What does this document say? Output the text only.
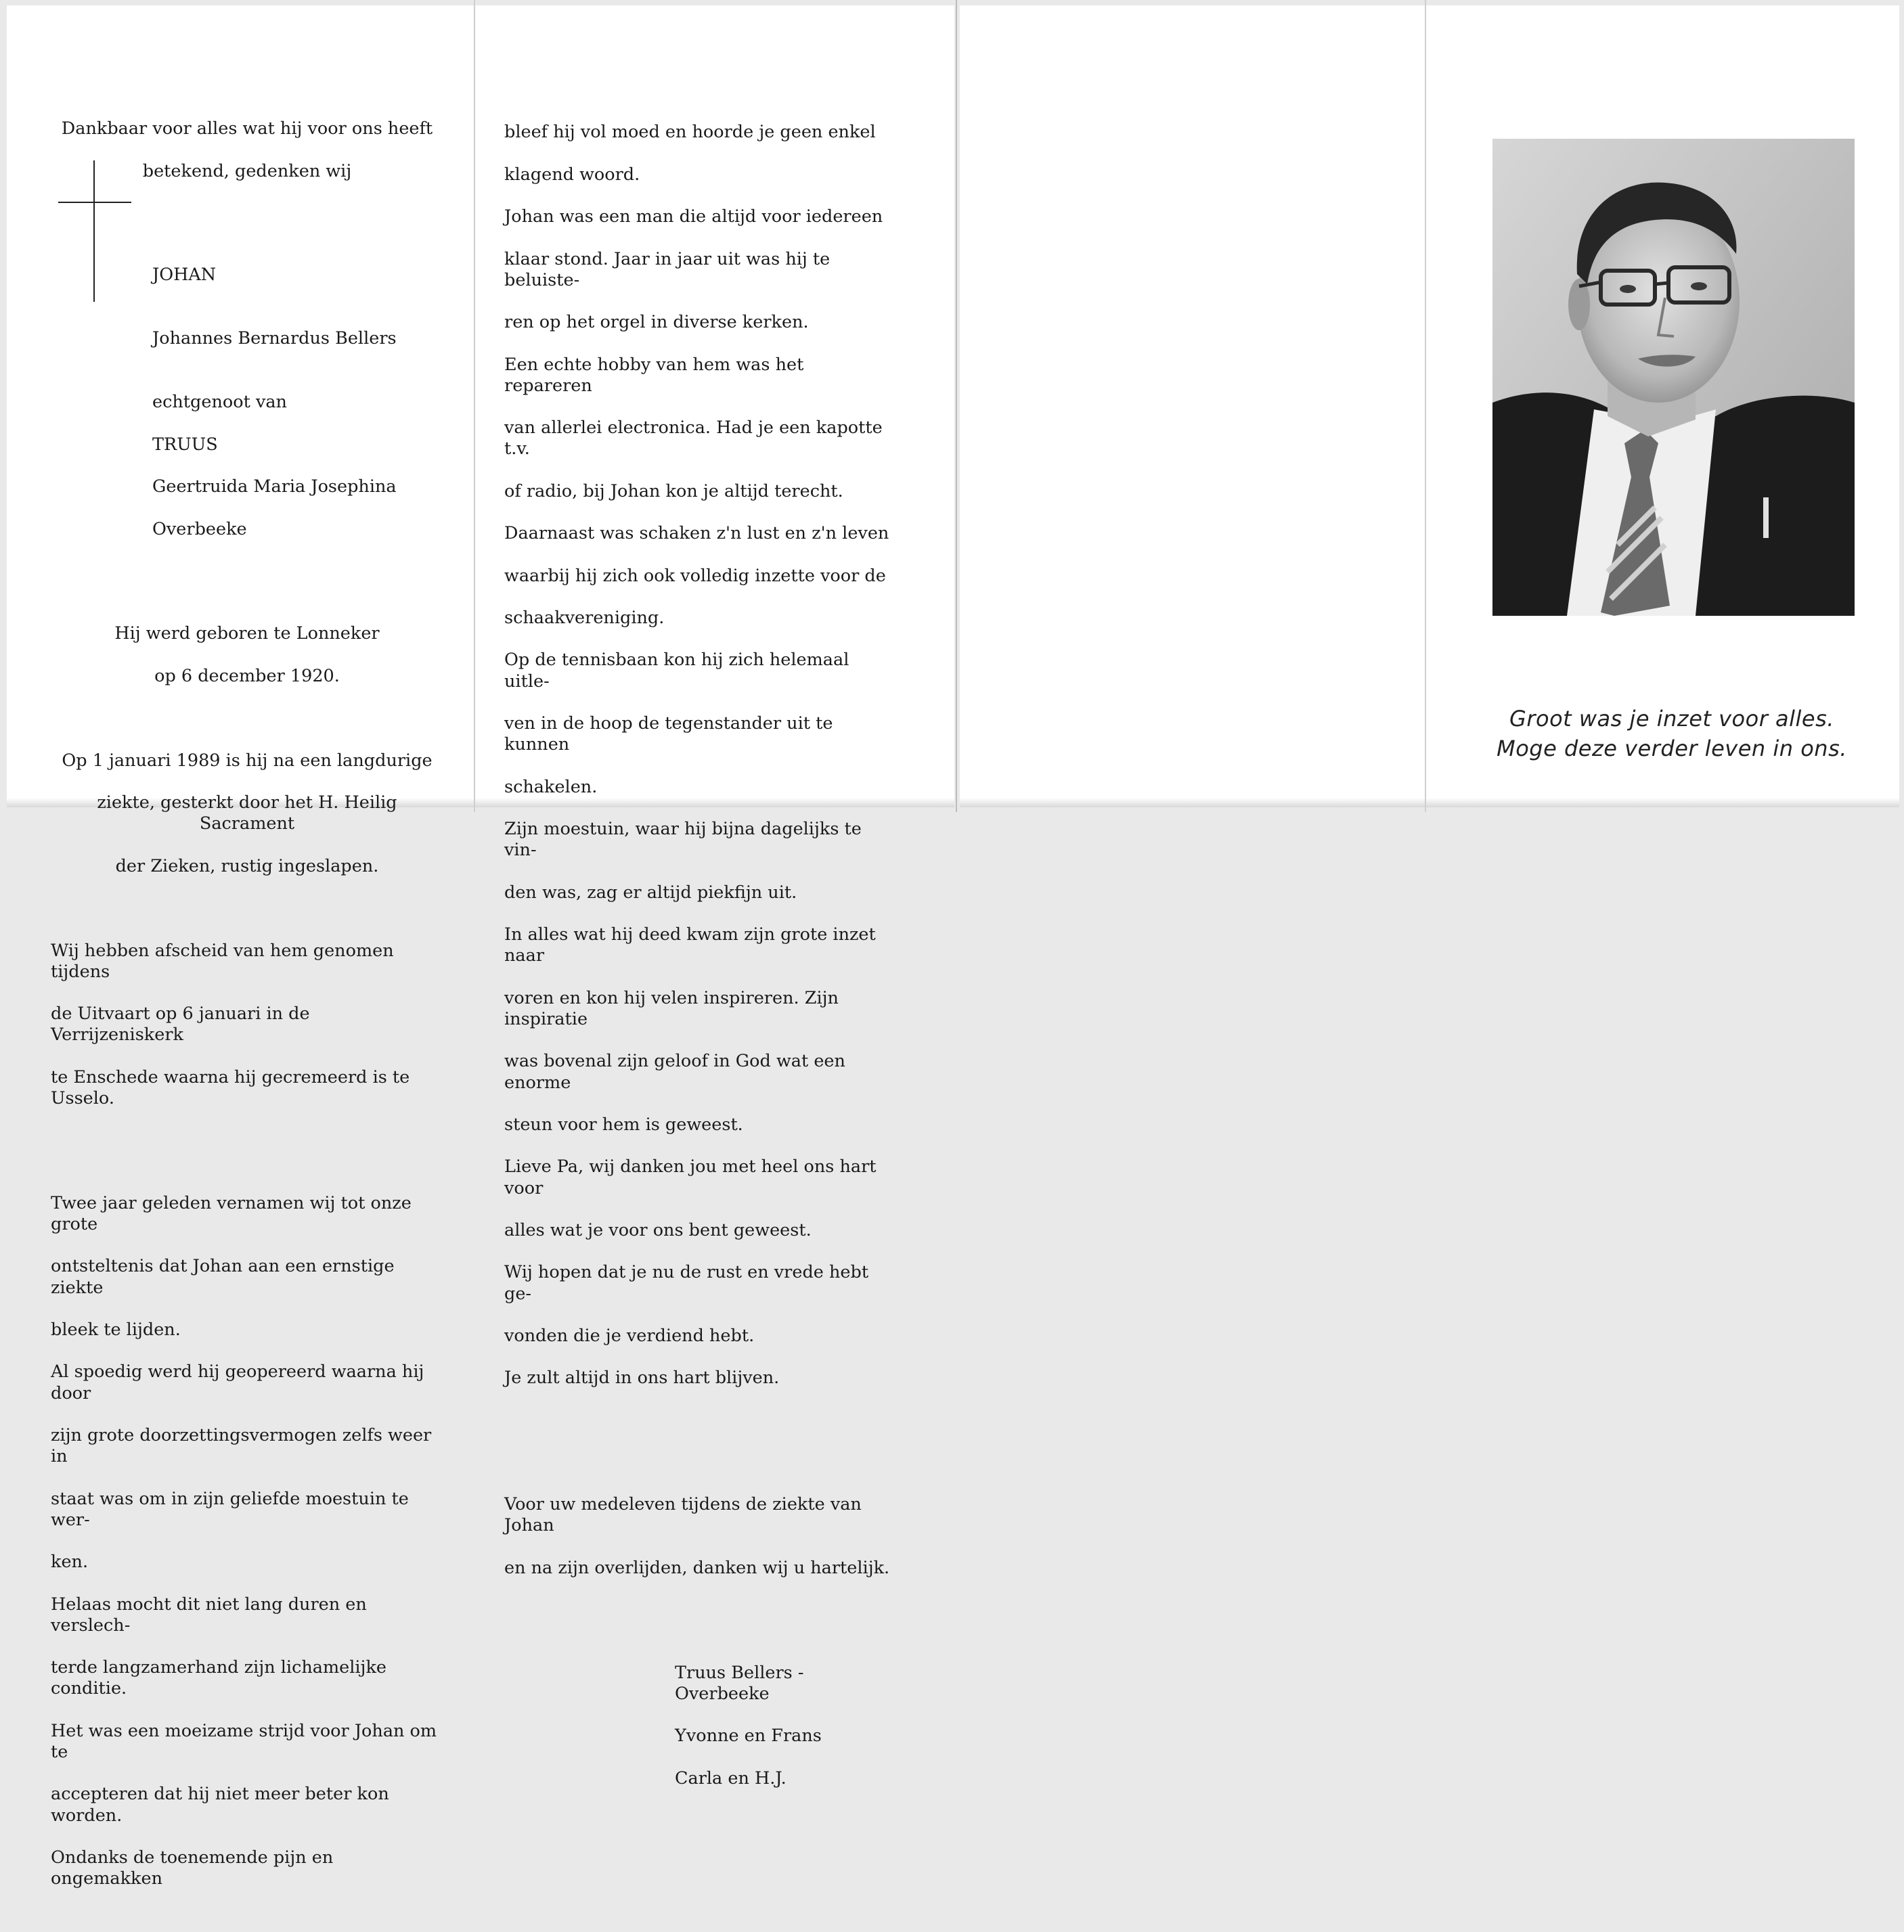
Dankbaar voor alles wat hij voor ons heeft

betekend, gedenken wij

JOHAN

Johannes Bernardus Bellers

echtgenoot van

TRUUS

Geertruida Maria Josephina

Overbeeke

Hij werd geboren te Lonneker

op 6 december 1920.

Op 1 januari 1989 is hij na een langdurige

ziekte, gesterkt door het H. Heilig Sacrament

der Zieken, rustig ingeslapen.

Wij hebben afscheid van hem genomen tijdens

de Uitvaart op 6 januari in de Verrijzeniskerk

te Enschede waarna hij gecremeerd is te Usselo.

Twee jaar geleden vernamen wij tot onze grote

ontsteltenis dat Johan aan een ernstige ziekte

bleek te lijden.

Al spoedig werd hij geopereerd waarna hij door

zijn grote doorzettingsvermogen zelfs weer in

staat was om in zijn geliefde moestuin te wer-

ken.

Helaas mocht dit niet lang duren en verslech-

terde langzamerhand zijn lichamelijke conditie.

Het was een moeizame strijd voor Johan om te

accepteren dat hij niet meer beter kon worden.

Ondanks de toenemende pijn en ongemakken

bleef hij vol moed en hoorde je geen enkel

klagend woord.

Johan was een man die altijd voor iedereen

klaar stond. Jaar in jaar uit was hij te beluiste-

ren op het orgel in diverse kerken.

Een echte hobby van hem was het repareren

van allerlei electronica. Had je een kapotte t.v.

of radio, bij Johan kon je altijd terecht.

Daarnaast was schaken z'n lust en z'n leven

waarbij hij zich ook volledig inzette voor de

schaakvereniging.

Op de tennisbaan kon hij zich helemaal uitle-

ven in de hoop de tegenstander uit te kunnen

schakelen.

Zijn moestuin, waar hij bijna dagelijks te vin-

den was, zag er altijd piekfijn uit.

In alles wat hij deed kwam zijn grote inzet naar

voren en kon hij velen inspireren. Zijn inspiratie

was bovenal zijn geloof in God wat een enorme

steun voor hem is geweest.

Lieve Pa, wij danken jou met heel ons hart voor

alles wat je voor ons bent geweest.

Wij hopen dat je nu de rust en vrede hebt ge-

vonden die je verdiend hebt.

Je zult altijd in ons hart blijven.

Voor uw medeleven tijdens de ziekte van Johan

en na zijn overlijden, danken wij u hartelijk.

Truus Bellers - Overbeeke

Yvonne en Frans

Carla en H.J.

Groot was je inzet voor alles.
Moge deze verder leven in ons.
